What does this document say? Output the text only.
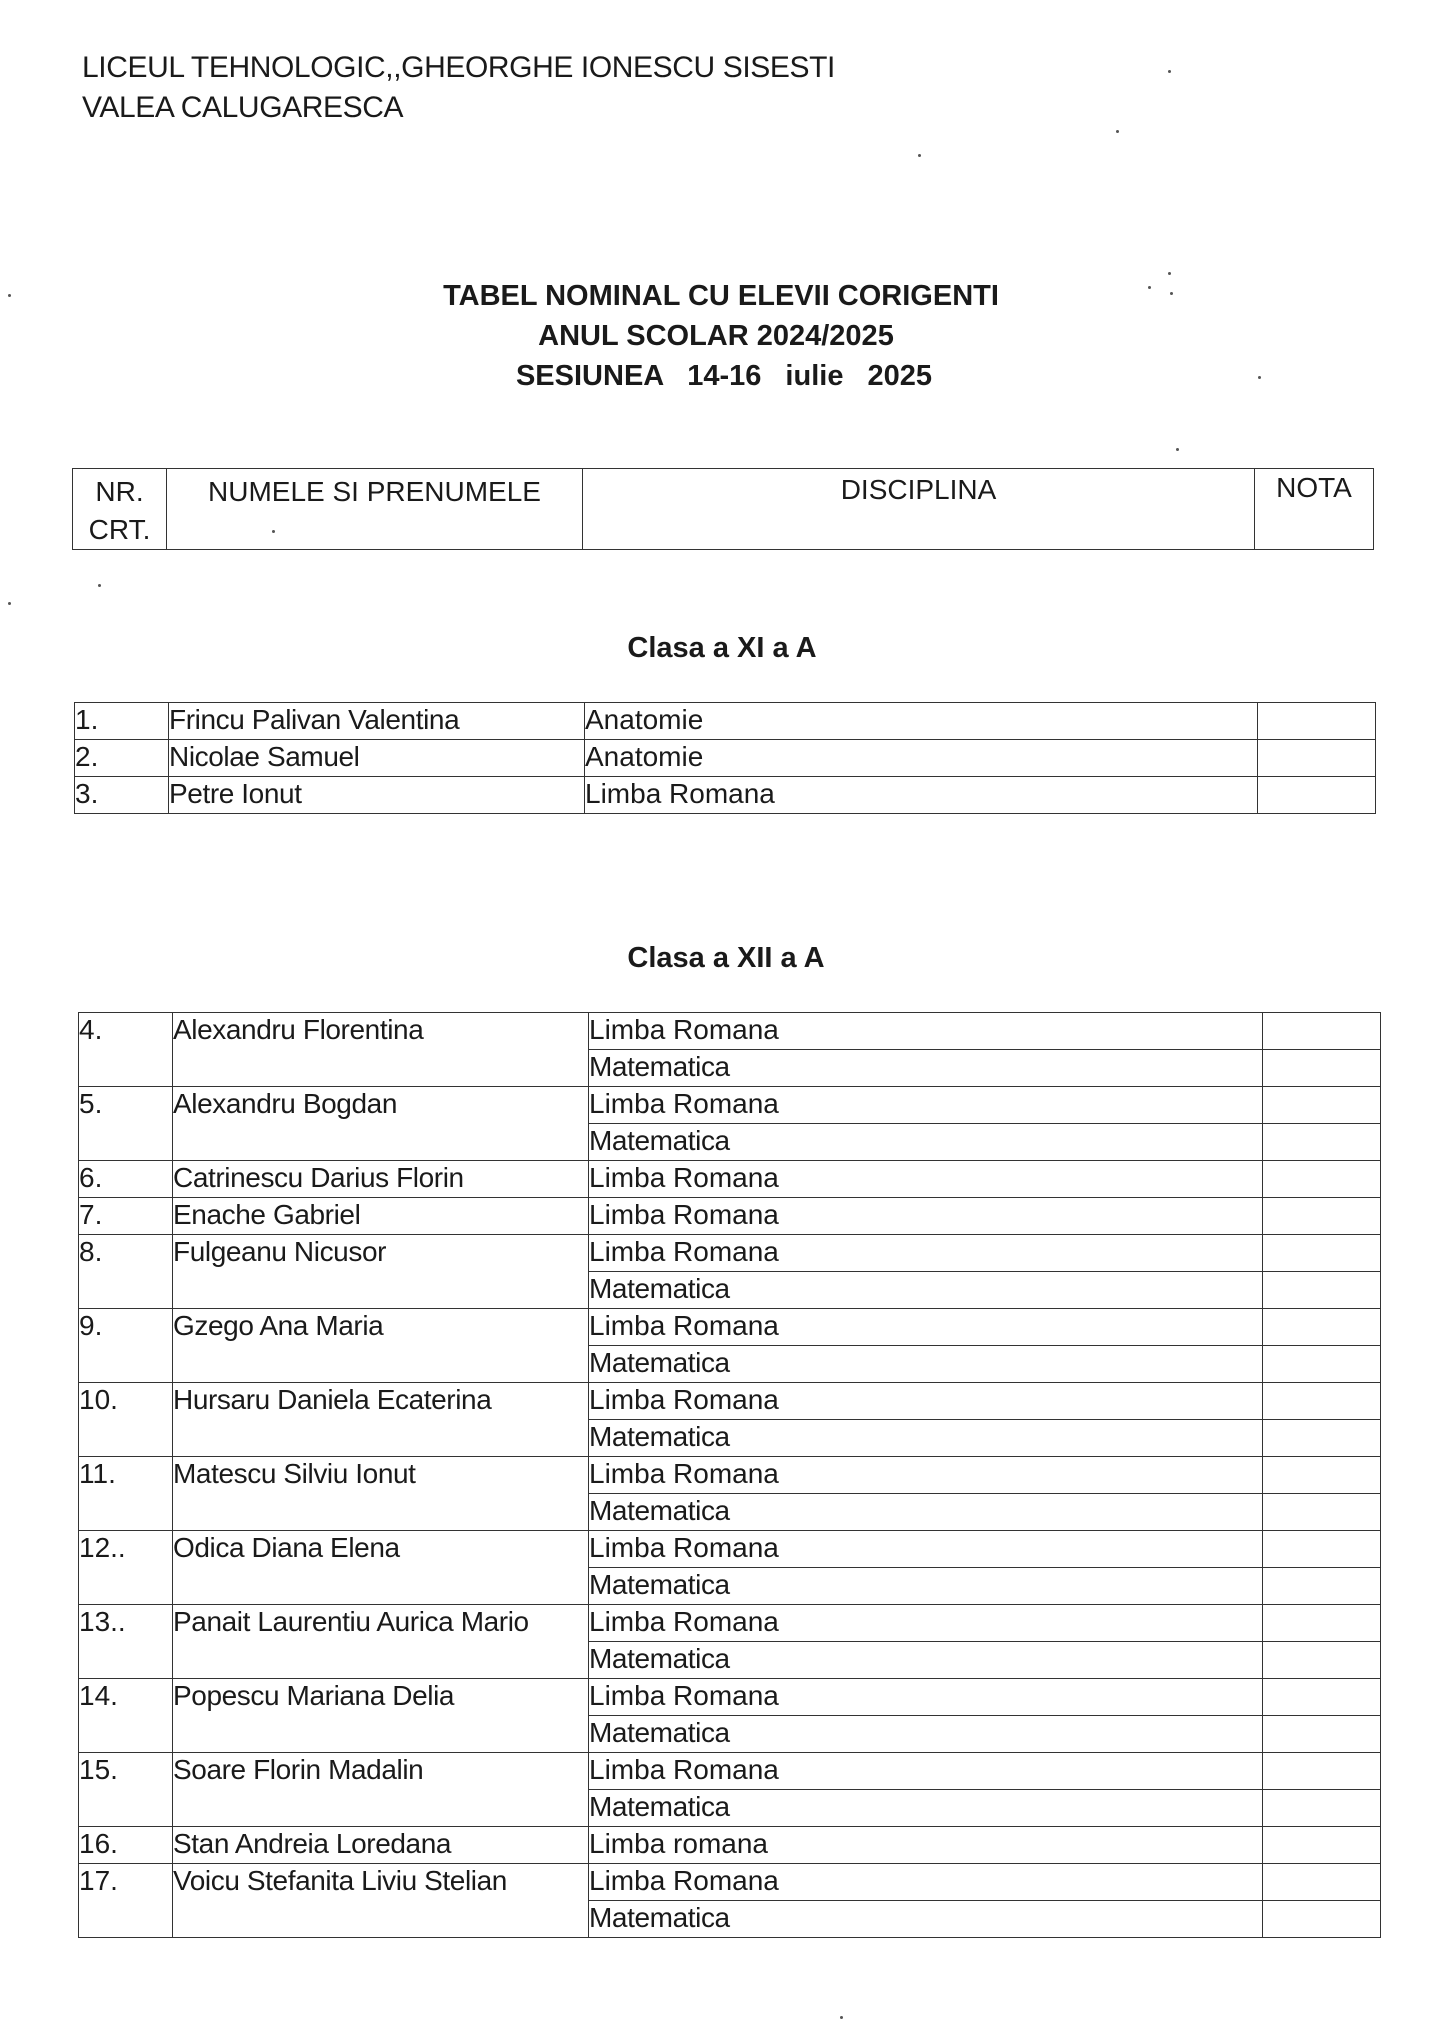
LICEUL TEHNOLOGIC,,GHEORGHE IONESCU SISESTI
VALEA CALUGARESCA
TABEL NOMINAL CU ELEVII CORIGENTI
ANUL SCOLAR 2024/2025
SESIUNEA 14-16 iulie 2025
NR. CRT.	NUMELE SI PRENUMELE	DISCIPLINA	NOTA
Clasa a XI a A
1.	Frincu Palivan Valentina	Anatomie	
2.	Nicolae Samuel	Anatomie	
3.	Petre Ionut	Limba Romana	
Clasa a XII a A
4.	Alexandru Florentina	Limba Romana	
		Matematica	
5.	Alexandru Bogdan	Limba Romana	
		Matematica	
6.	Catrinescu Darius Florin	Limba Romana	
7.	Enache Gabriel	Limba Romana	
8.	Fulgeanu Nicusor	Limba Romana	
		Matematica	
9.	Gzego Ana Maria	Limba Romana	
		Matematica	
10.	Hursaru Daniela Ecaterina	Limba Romana	
		Matematica	
11.	Matescu Silviu Ionut	Limba Romana	
		Matematica	
12..	Odica Diana Elena	Limba Romana	
		Matematica	
13..	Panait Laurentiu Aurica Mario	Limba Romana	
		Matematica	
14.	Popescu Mariana Delia	Limba Romana	
		Matematica	
15.	Soare Florin Madalin	Limba Romana	
		Matematica	
16.	Stan Andreia Loredana	Limba romana	
17.	Voicu Stefanita Liviu Stelian	Limba Romana	
		Matematica	
